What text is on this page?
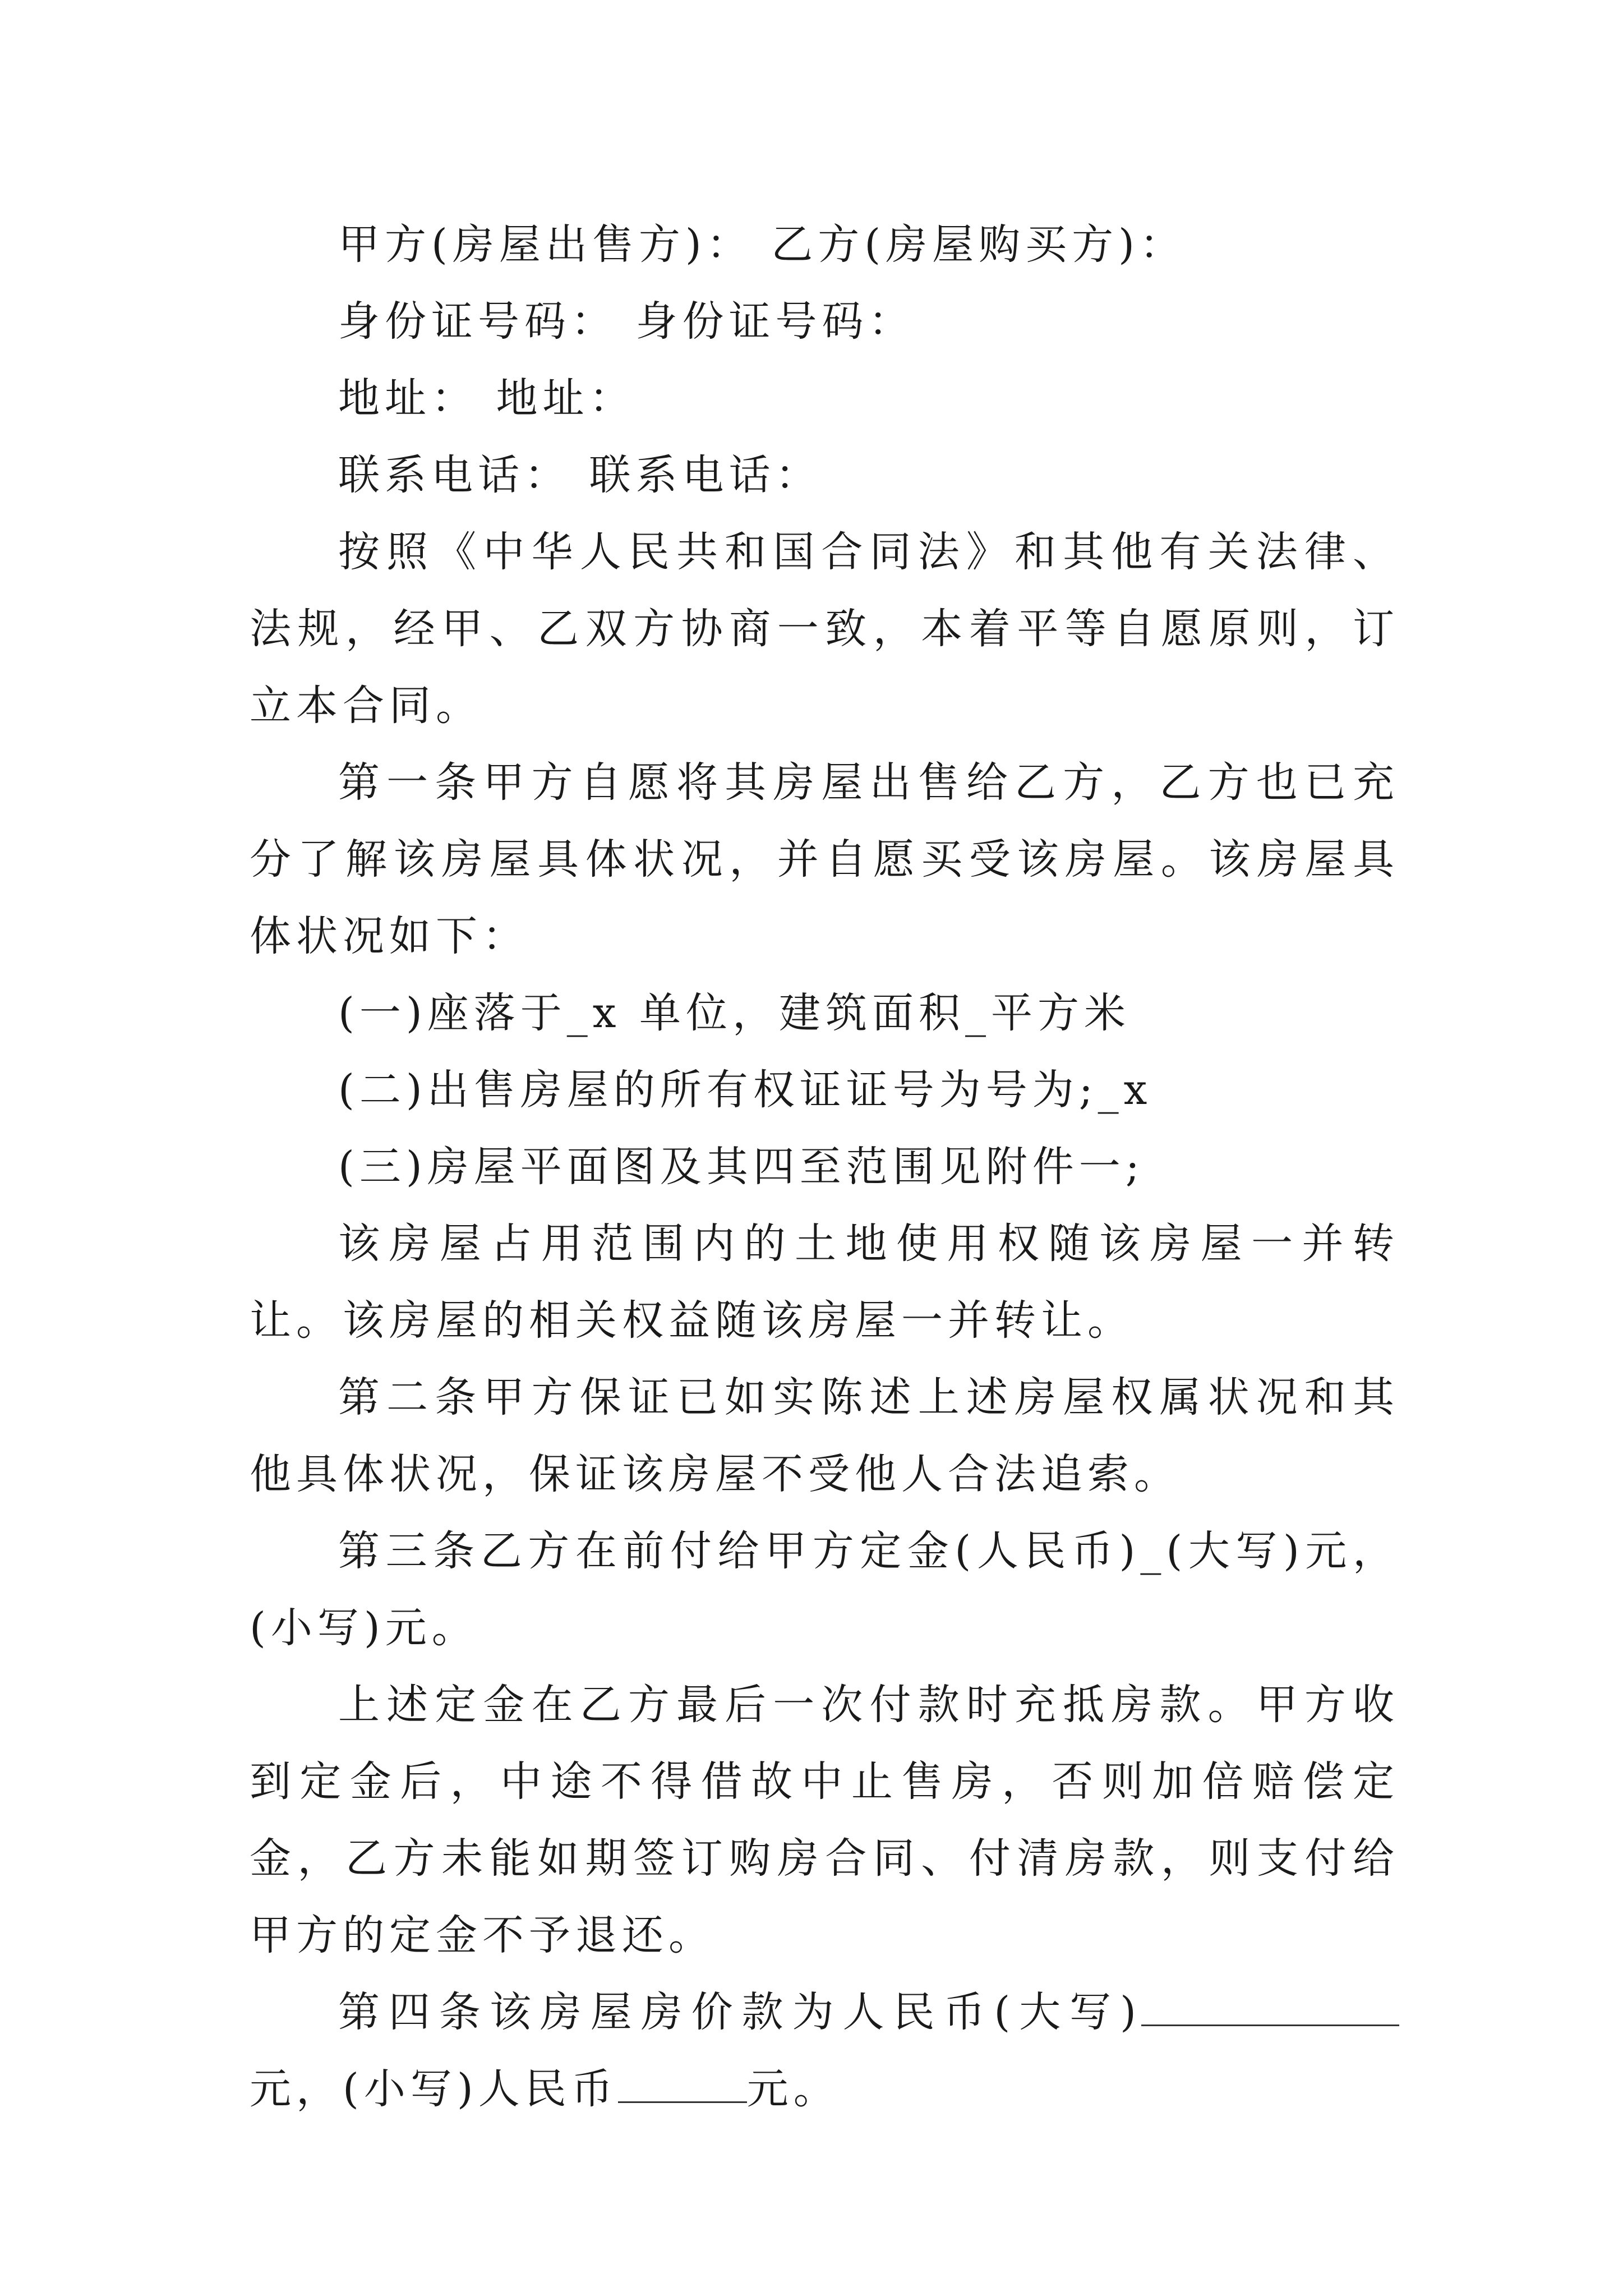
甲方(房屋出售方)： 乙方(房屋购买方)：

身份证号码： 身份证号码：

地址： 地址：

联系电话： 联系电话：

按照《中华人民共和国合同法》和其他有关法律、法规，经甲、乙双方协商一致，本着平等自愿原则，订立本合同。

第一条甲方自愿将其房屋出售给乙方，乙方也已充分了解该房屋具体状况，并自愿买受该房屋。该房屋具体状况如下：

(一)座落于_x 单位，建筑面积_平方米

(二)出售房屋的所有权证证号为号为;_x

(三)房屋平面图及其四至范围见附件一;

该房屋占用范围内的土地使用权随该房屋一并转让。该房屋的相关权益随该房屋一并转让。

第二条甲方保证已如实陈述上述房屋权属状况和其他具体状况，保证该房屋不受他人合法追索。

第三条乙方在前付给甲方定金(人民币)_(大写)元，(小写)元。

上述定金在乙方最后一次付款时充抵房款。甲方收到定金后，中途不得借故中止售房，否则加倍赔偿定金，乙方未能如期签订购房合同、付清房款，则支付给甲方的定金不予退还。

第四条该房屋房价款为人民币(大写)元，(小写)人民币	元。
